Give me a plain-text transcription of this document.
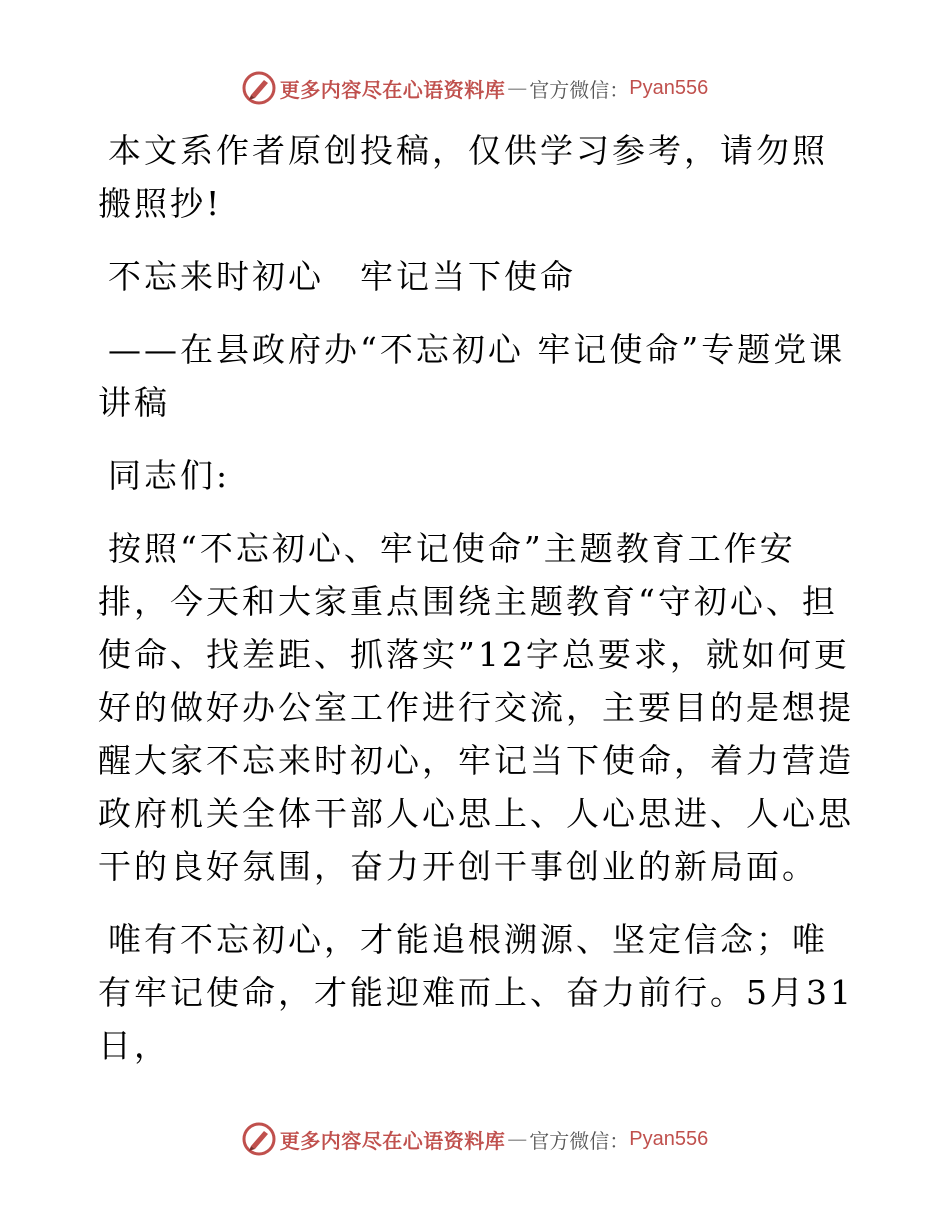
更多内容尽在心语资料库 — 官方微信： Pyan556

本文系作者原创投稿，仅供学习参考，请勿照搬照抄!

不忘来时初心　牢记当下使命

——在县政府办“不忘初心 牢记使命”专题党课讲稿

同志们:

按照“不忘初心、牢记使命”主题教育工作安排，今天和大家重点围绕主题教育“守初心、担使命、找差距、抓落实”12字总要求，就如何更好的做好办公室工作进行交流，主要目的是想提醒大家不忘来时初心，牢记当下使命，着力营造政府机关全体干部人心思上、人心思进、人心思干的良好氛围，奋力开创干事创业的新局面。

唯有不忘初心，才能追根溯源、坚定信念；唯有牢记使命，才能迎难而上、奋力前行。5月31日，

更多内容尽在心语资料库 — 官方微信： Pyan556
